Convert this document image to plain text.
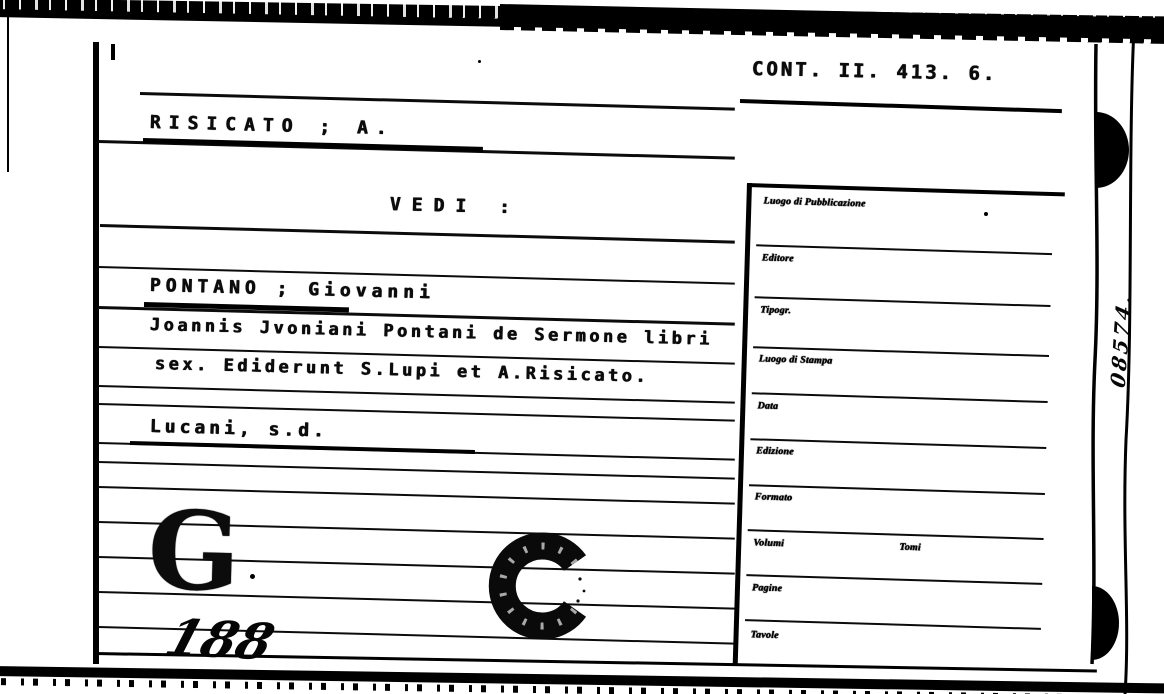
CONT. II. 413. 6.
RISICATO ; A.
VEDI :
PONTANO ; Giovanni
Joannis Jvoniani Pontani de Sermone libri
sex. Ediderunt S.Lupi et A.Risicato.
Lucani, s.d.
G
188
Luogo di Pubblicazione
Editore
Tipogr.
Luogo di Stampa
Data
Edizione
Formato
Volumi	Tomi
Pagine
Tavole
08574.
